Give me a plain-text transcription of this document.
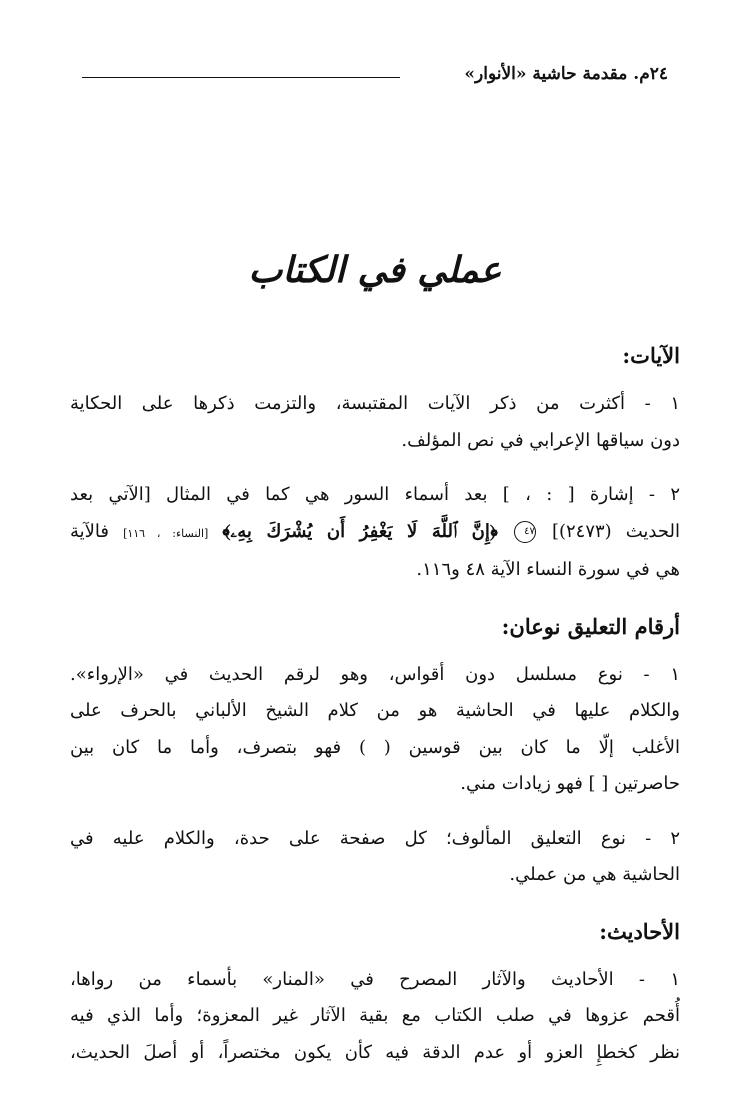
٢٤م. مقدمة حاشية «الأنوار»
عملي في الكتاب
الآيات:
١ - أكثرت من ذكر الآيات المقتبسة، والتزمت ذكرها على الحكاية
دون سياقها الإعرابي في نص المؤلف.
٢ - إشارة [ : ، ] بعد أسماء السور هي كما في المثال [الآتي بعد
الحديث (٢٤٧٣)] ٤٧ ﴿إِنَّ ٱللَّهَ لَا يَغْفِرُ أَن يُشْرَكَ بِهِۦ﴾ [النساء: ، ١١٦] فالآية
هي في سورة النساء الآية ٤٨ و١١٦.
أرقام التعليق نوعان:
١ - نوع مسلسل دون أقواس، وهو لرقم الحديث في «الإرواء».
والكلام عليها في الحاشية هو من كلام الشيخ الألباني بالحرف على
الأغلب إلّا ما كان بين قوسين ( ) فهو بتصرف، وأما ما كان بين
حاصرتين [ ] فهو زيادات مني.
٢ - نوع التعليق المألوف؛ كل صفحة على حدة، والكلام عليه في
الحاشية هي من عملي.
الأحاديث:
١ - الأحاديث والآثار المصرح في «المنار» بأسماء من رواها،
أُقحم عزوها في صلب الكتاب مع بقية الآثار غير المعزوة؛ وأما الذي فيه
نظر كخطإِ العزو أو عدم الدقة فيه كأن يكون مختصراً، أو أصلَ الحديث،
